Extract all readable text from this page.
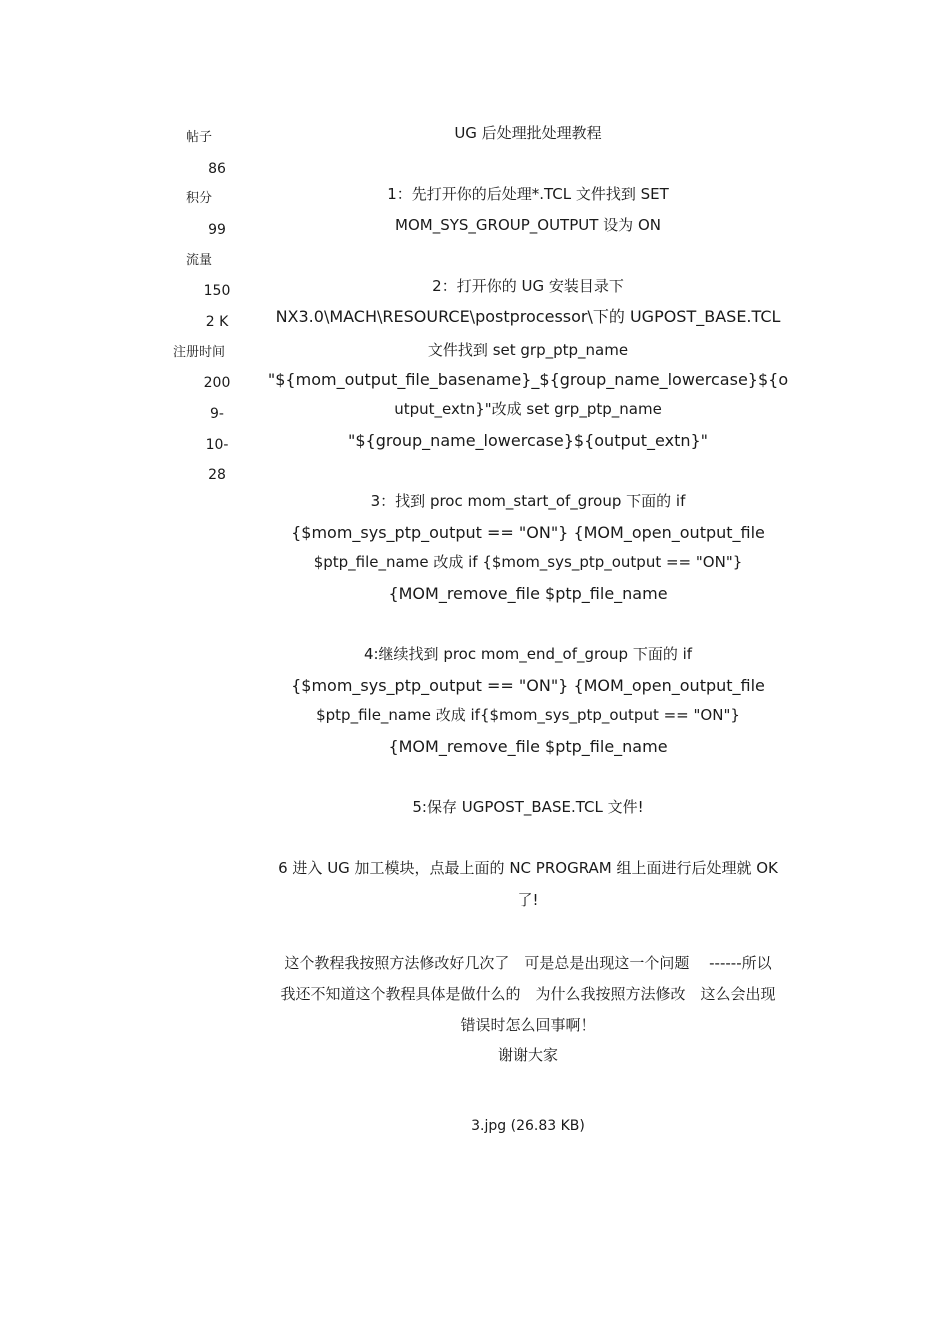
帖子
86
积分
99
流量
150
2 K
注册时间
200
9-
10-
28
UG 后处理批处理教程
1：先打开你的后处理*.TCL 文件找到 SET
MOM_SYS_GROUP_OUTPUT 设为 ON
2：打开你的 UG 安装目录下
NX3.0\MACH\RESOURCE\postprocessor\下的 UGPOST_BASE.TCL
文件找到 set grp_ptp_name
"${mom_output_file_basename}_${group_name_lowercase}${o
utput_extn}"改成 set grp_ptp_name
"${group_name_lowercase}${output_extn}"
3：找到 proc mom_start_of_group 下面的 if
{$mom_sys_ptp_output == "ON"} {MOM_open_output_file
$ptp_file_name 改成 if {$mom_sys_ptp_output == "ON"}
{MOM_remove_file $ptp_file_name
4:继续找到 proc mom_end_of_group 下面的 if
{$mom_sys_ptp_output == "ON"} {MOM_open_output_file
$ptp_file_name 改成 if{$mom_sys_ptp_output == "ON"}
{MOM_remove_file $ptp_file_name
5:保存 UGPOST_BASE.TCL 文件!
6 进入 UG 加工模块，点最上面的 NC PROGRAM 组上面进行后处理就 OK
了!
这个教程我按照方法修改好几次了　可是总是出现这一个问题　 ------所以
我还不知道这个教程具体是做什么的　为什么我按照方法修改　这么会出现
错误时怎么回事啊！
谢谢大家
3.jpg (26.83 KB)
